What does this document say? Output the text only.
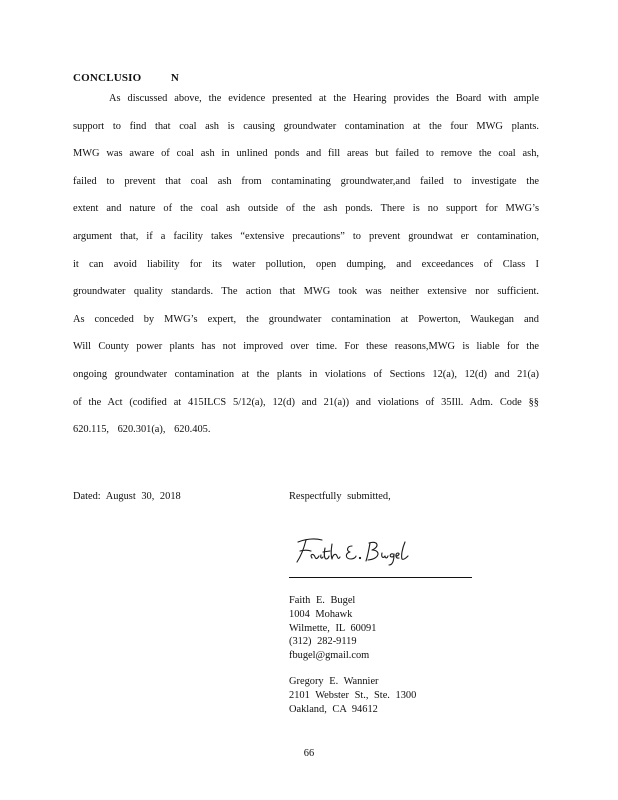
CONCLUSIO          N
As discussed above, the evidence presented at the Hearing provides the Board with ample
support to find that coal ash is causing groundwater contamination at the four MWG plants.
MWG was aware of coal ash in unlined ponds and fill areas but failed to remove the coal ash,
failed to prevent that coal ash from contaminating groundwater,and failed to investigate the
extent and nature of the coal ash outside of the ash ponds. There is no support for MWG’s
argument that, if a facility takes “extensive precautions” to prevent groundwat er contamination,
it can avoid liability for its water pollution, open dumping, and exceedances of Class I
groundwater quality standards. The action that MWG took was neither extensive nor sufficient.
As conceded by MWG’s expert, the groundwater contamination at Powerton, Waukegan and
Will County power plants has not improved over time. For these reasons,MWG is liable for the
ongoing groundwater contamination at the plants in violations of Sections 12(a), 12(d) and 21(a)
of the Act (codified at 415ILCS 5/12(a), 12(d) and 21(a)) and violations of 35Ill. Adm. Code §§
620.115, 620.301(a), 620.405.
Dated: August 30, 2018	Respectfully submitted,
Faith E. Bugel
1004 Mohawk
Wilmette, IL 60091
(312) 282-9119
fbugel@gmail.com
Gregory E. Wannier
2101 Webster St., Ste. 1300
Oakland, CA 94612
66
